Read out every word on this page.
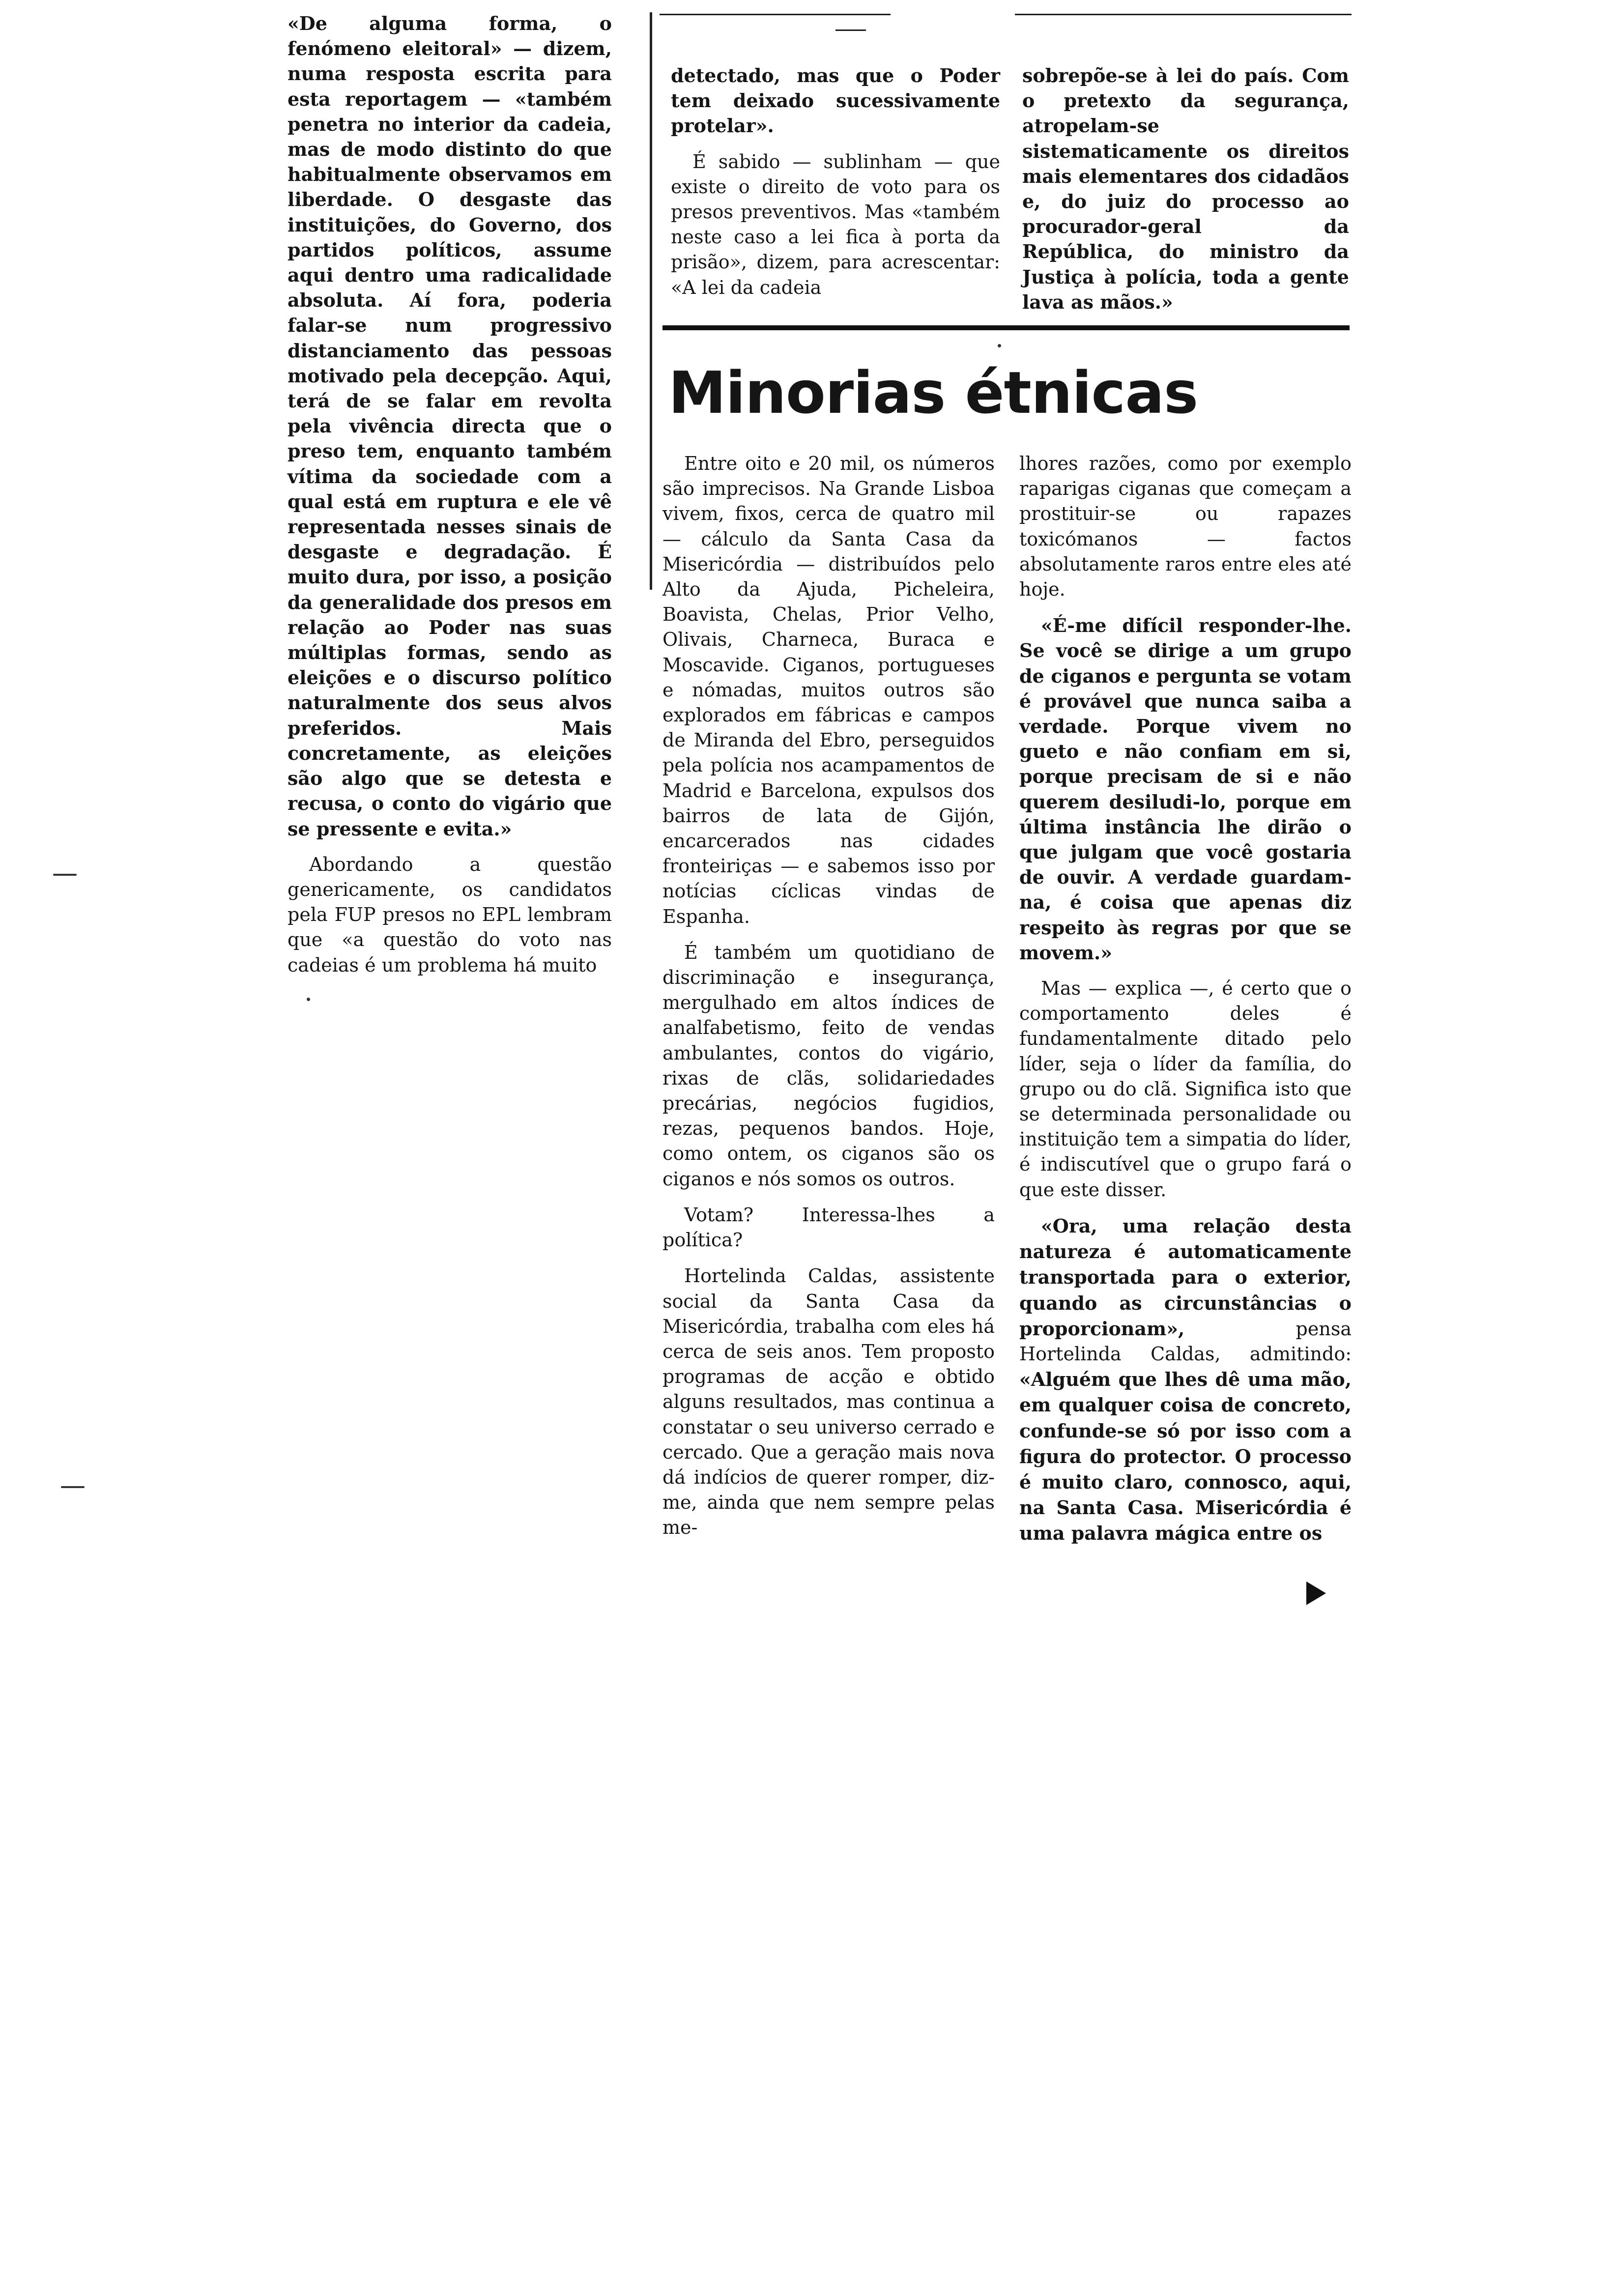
«De alguma forma, o fenómeno eleitoral» — dizem, numa resposta escrita para esta reportagem — «também penetra no interior da cadeia, mas de modo distinto do que habitualmente observamos em liberdade. O desgaste das instituições, do Governo, dos partidos políticos, assume aqui dentro uma radicalidade absoluta. Aí fora, poderia falar-se num progressivo distanciamento das pessoas motivado pela decepção. Aqui, terá de se falar em revolta pela vivência directa que o preso tem, enquanto também vítima da sociedade com a qual está em ruptura e ele vê representada nesses sinais de desgaste e degradação. É muito dura, por isso, a posição da generalidade dos presos em relação ao Poder nas suas múltiplas formas, sendo as eleições e o discurso político naturalmente dos seus alvos preferidos. Mais concretamente, as eleições são algo que se detesta e recusa, o conto do vigário que se pressente e evita.»

Abordando a questão genericamente, os candidatos pela FUP presos no EPL lembram que «a questão do voto nas cadeias é um problema há muito

detectado, mas que o Poder tem deixado sucessivamente protelar».

É sabido — sublinham — que existe o direito de voto para os presos preventivos. Mas «também neste caso a lei fica à porta da prisão», dizem, para acrescentar: «A lei da cadeia

sobrepõe-se à lei do país. Com o pretexto da segurança, atropelam-se sistematicamente os direitos mais elementares dos cidadãos e, do juiz do processo ao procurador-geral da República, do ministro da Justiça à polícia, toda a gente lava as mãos.»

Minorias étnicas

Entre oito e 20 mil, os números são imprecisos. Na Grande Lisboa vivem, fixos, cerca de quatro mil — cálculo da Santa Casa da Misericórdia — distribuídos pelo Alto da Ajuda, Picheleira, Boavista, Chelas, Prior Velho, Olivais, Charneca, Buraca e Moscavide. Ciganos, portugueses e nómadas, muitos outros são explorados em fábricas e campos de Miranda del Ebro, perseguidos pela polícia nos acampamentos de Madrid e Barcelona, expulsos dos bairros de lata de Gijón, encarcerados nas cidades fronteiriças — e sabemos isso por notícias cíclicas vindas de Espanha.

É também um quotidiano de discriminação e insegurança, mergulhado em altos índices de analfabetismo, feito de vendas ambulantes, contos do vigário, rixas de clãs, solidariedades precárias, negócios fugidios, rezas, pequenos bandos. Hoje, como ontem, os ciganos são os ciganos e nós somos os outros.

Votam? Interessa-lhes a política?

Hortelinda Caldas, assistente social da Santa Casa da Misericórdia, trabalha com eles há cerca de seis anos. Tem proposto programas de acção e obtido alguns resultados, mas continua a constatar o seu universo cerrado e cercado. Que a geração mais nova dá indícios de querer romper, diz-me, ainda que nem sempre pelas me-

lhores razões, como por exemplo raparigas ciganas que começam a prostituir-se ou rapazes toxicómanos — factos absolutamente raros entre eles até hoje.

«É-me difícil responder-lhe. Se você se dirige a um grupo de ciganos e pergunta se votam é provável que nunca saiba a verdade. Porque vivem no gueto e não confiam em si, porque precisam de si e não querem desiludi-lo, porque em última instância lhe dirão o que julgam que você gostaria de ouvir. A verdade guardam-na, é coisa que apenas diz respeito às regras por que se movem.»

Mas — explica —, é certo que o comportamento deles é fundamentalmente ditado pelo líder, seja o líder da família, do grupo ou do clã. Significa isto que se determinada personalidade ou instituição tem a simpatia do líder, é indiscutível que o grupo fará o que este disser.

«Ora, uma relação desta natureza é automaticamente transportada para o exterior, quando as circunstâncias o proporcionam», pensa Hortelinda Caldas, admitindo: «Alguém que lhes dê uma mão, em qualquer coisa de concreto, confunde-se só por isso com a figura do protector. O processo é muito claro, connosco, aqui, na Santa Casa. Misericórdia é uma palavra mágica entre os
